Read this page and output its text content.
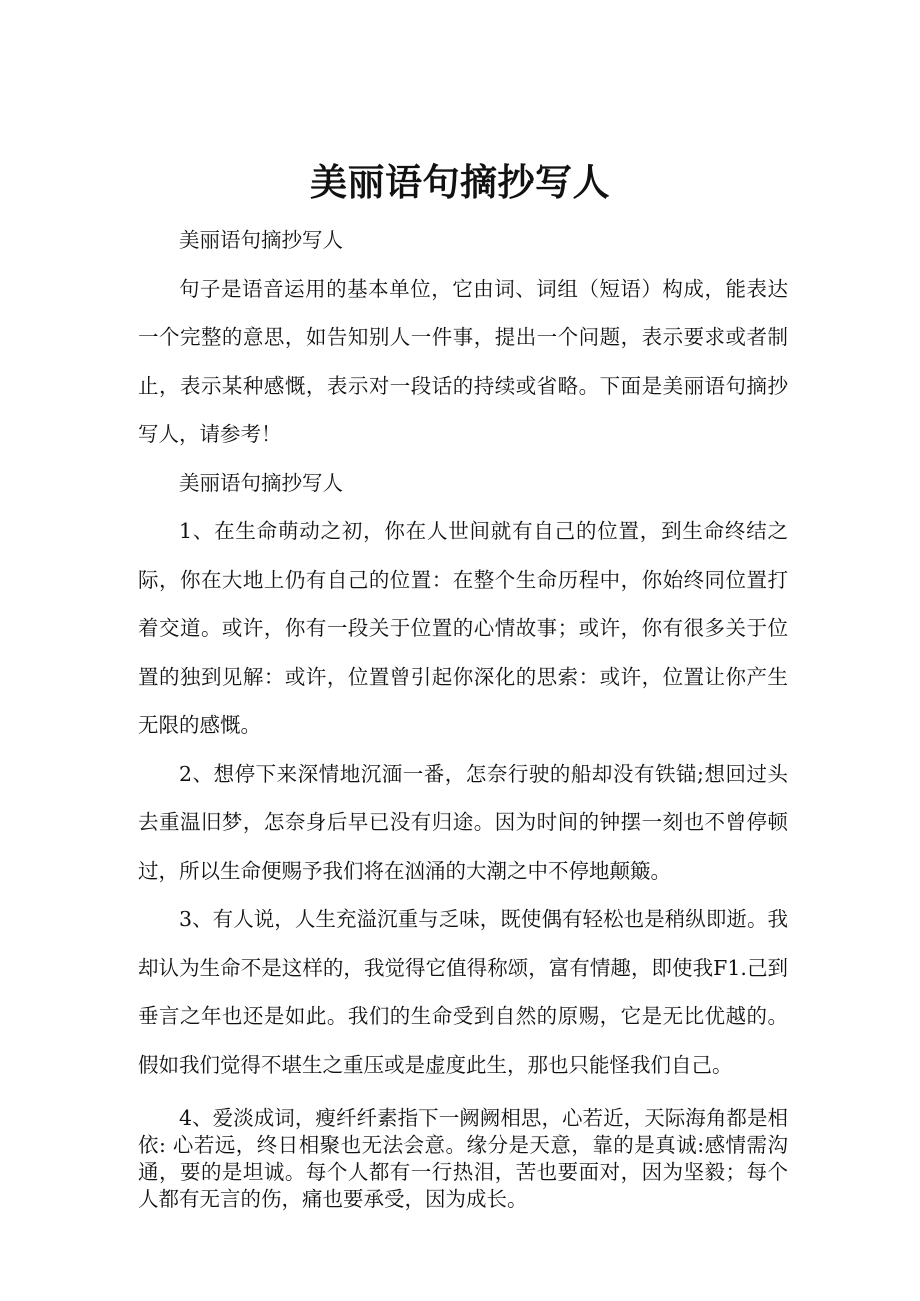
美丽语句摘抄写人

美丽语句摘抄写人

句子是语音运用的基本单位，它由词、词组（短语）构成，能表达一个完整的意思，如告知别人一件事，提出一个问题，表示要求或者制止，表示某种感慨，表示对一段话的持续或省略。下面是美丽语句摘抄写人，请参考！

美丽语句摘抄写人

1、在生命萌动之初，你在人世间就有自己的位置，到生命终结之际，你在大地上仍有自己的位置：在整个生命历程中，你始终同位置打着交道。或许，你有一段关于位置的心情故事；或许，你有很多关于位置的独到见解：或许，位置曾引起你深化的思索：或许，位置让你产生无限的感慨。

2、想停下来深情地沉湎一番，怎奈行驶的船却没有铁锚;想回过头去重温旧梦，怎奈身后早已没有归途。因为时间的钟摆一刻也不曾停顿过，所以生命便赐予我们将在汹涌的大潮之中不停地颠簸。

3、有人说，人生充溢沉重与乏味，既使偶有轻松也是稍纵即逝。我却认为生命不是这样的，我觉得它值得称颂，富有情趣，即使我F1.己到垂言之年也还是如此。我们的生命受到自然的原赐，它是无比优越的。假如我们觉得不堪生之重压或是虚度此生，那也只能怪我们自己。

4、爱淡成词，瘦纤纤素指下一阙阙相思，心若近，天际海角都是相依: 心若远，终日相聚也无法会意。缘分是天意，靠的是真诚:感情需沟通，要的是坦诚。每个人都有一行热泪，苦也要面对，因为坚毅；每个人都有无言的伤，痛也要承受，因为成长。
